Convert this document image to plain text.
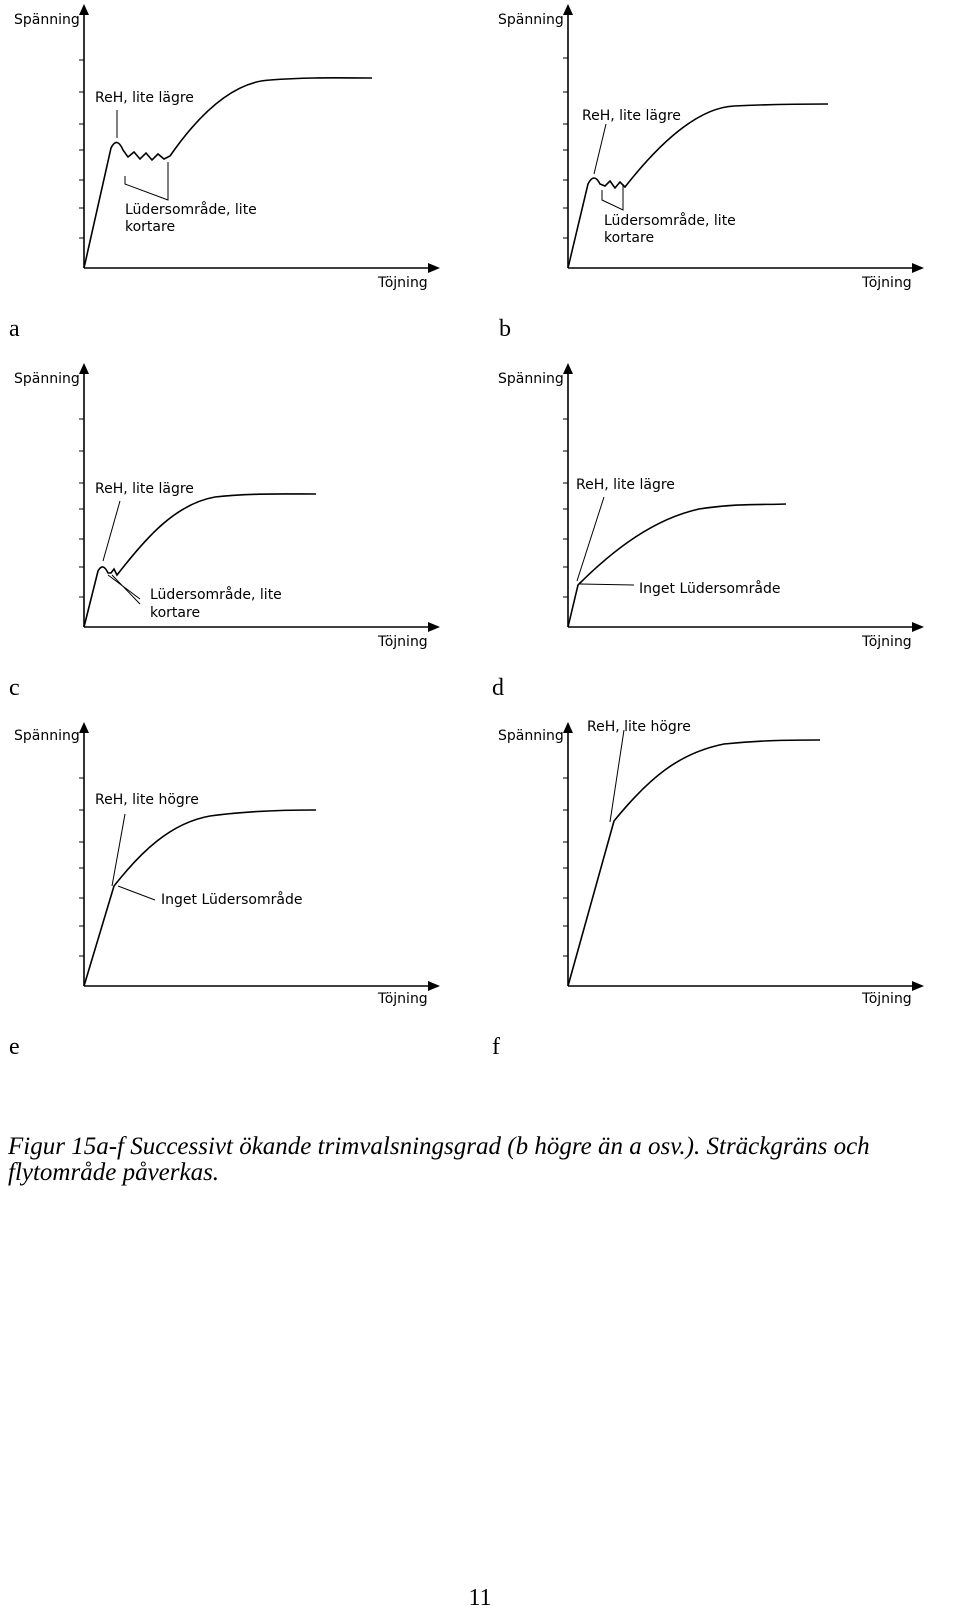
ReH, lite lägre
Lüdersområde, lite
kortare
Spänning
Töjning
ReH, lite lägre
Lüdersområde, lite
kortare
Spänning
Töjning
ReH, lite lägre
Lüdersområde, lite
kortare
Spänning
Töjning
ReH, lite lägre
Inget Lüdersområde
Spänning
Töjning
ReH, lite högre
Inget Lüdersområde
Spänning
Töjning
ReH, lite högre
Spänning
Töjning
a	b
c	d
e	f

Figur 15a-f Successivt ökande trimvalsningsgrad (b högre än a osv.). Sträckgräns och flytområde påverkas.

11
